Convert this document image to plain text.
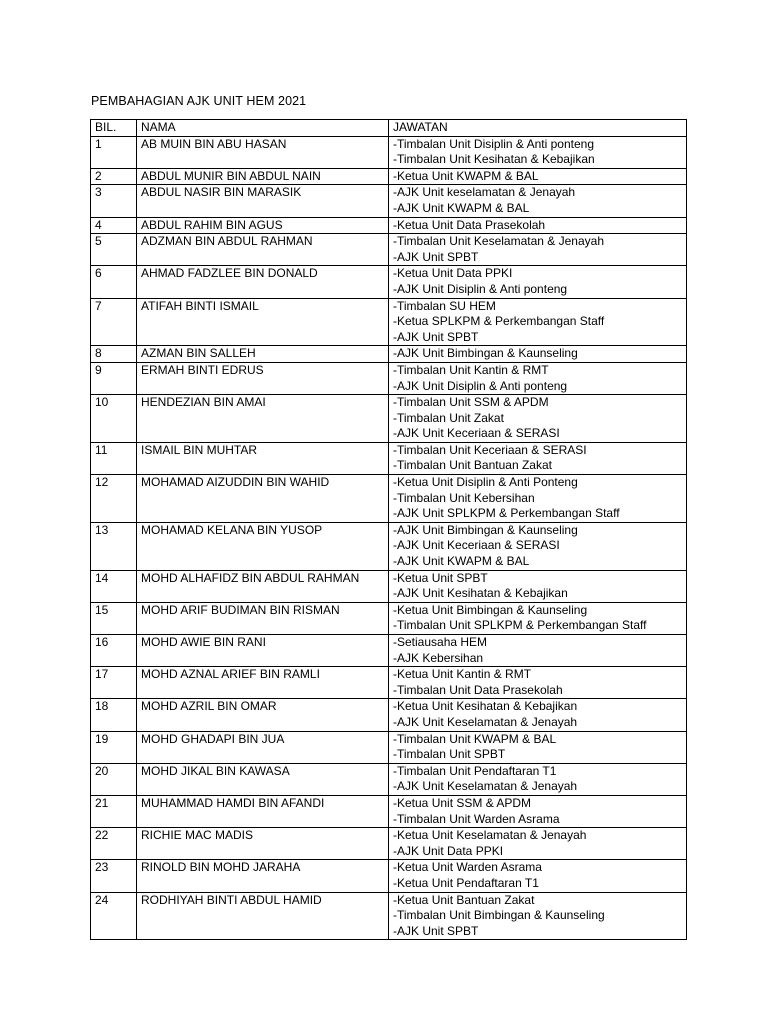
PEMBAHAGIAN AJK UNIT HEM 2021
BIL.	NAMA	JAWATAN
1	AB MUIN BIN ABU HASAN	-Timbalan Unit Disiplin & Anti ponteng
-Timbalan Unit Kesihatan & Kebajikan

2	ABDUL MUNIR BIN ABDUL NAIN	-Ketua Unit KWAPM & BAL

3	ABDUL NASIR BIN MARASIK	-AJK Unit keselamatan & Jenayah
-AJK Unit KWAPM & BAL

4	ABDUL RAHIM BIN AGUS	-Ketua Unit Data Prasekolah

5	ADZMAN BIN ABDUL RAHMAN	-Timbalan Unit Keselamatan & Jenayah
-AJK Unit SPBT

6	AHMAD FADZLEE BIN DONALD	-Ketua Unit Data PPKI
-AJK Unit Disiplin & Anti ponteng

7	ATIFAH BINTI ISMAIL	-Timbalan SU HEM
-Ketua SPLKPM & Perkembangan Staff
-AJK Unit SPBT

8	AZMAN BIN SALLEH	-AJK Unit Bimbingan & Kaunseling

9	ERMAH BINTI EDRUS	-Timbalan Unit Kantin & RMT
-AJK Unit Disiplin & Anti ponteng

10	HENDEZIAN BIN AMAI	-Timbalan Unit SSM & APDM
-Timbalan Unit Zakat
-AJK Unit Keceriaan & SERASI

11	ISMAIL BIN MUHTAR	-Timbalan Unit Keceriaan & SERASI
-Timbalan Unit Bantuan Zakat

12	MOHAMAD AIZUDDIN BIN WAHID	-Ketua Unit Disiplin & Anti Ponteng
-Timbalan Unit Kebersihan
-AJK Unit SPLKPM & Perkembangan Staff

13	MOHAMAD KELANA BIN YUSOP	-AJK Unit Bimbingan & Kaunseling
-AJK Unit Keceriaan & SERASI
-AJK Unit KWAPM & BAL

14	MOHD ALHAFIDZ BIN ABDUL RAHMAN	-Ketua Unit SPBT
-AJK Unit Kesihatan & Kebajikan

15	MOHD ARIF BUDIMAN BIN RISMAN	-Ketua Unit Bimbingan & Kaunseling
-Timbalan Unit SPLKPM & Perkembangan Staff

16	MOHD AWIE BIN RANI	-Setiausaha HEM
-AJK Kebersihan

17	MOHD AZNAL ARIEF BIN RAMLI	-Ketua Unit Kantin & RMT
-Timbalan Unit Data Prasekolah

18	MOHD AZRIL BIN OMAR	-Ketua Unit Kesihatan & Kebajikan
-AJK Unit Keselamatan & Jenayah

19	MOHD GHADAPI BIN JUA	-Timbalan Unit KWAPM & BAL
-Timbalan Unit SPBT

20	MOHD JIKAL BIN KAWASA	-Timbalan Unit Pendaftaran T1
-AJK Unit Keselamatan & Jenayah

21	MUHAMMAD HAMDI BIN AFANDI	-Ketua Unit SSM & APDM
-Timbalan Unit Warden Asrama

22	RICHIE MAC MADIS	-Ketua Unit Keselamatan & Jenayah
-AJK Unit Data PPKI

23	RINOLD BIN MOHD JARAHA	-Ketua Unit Warden Asrama
-Ketua Unit Pendaftaran T1

24	RODHIYAH BINTI ABDUL HAMID	-Ketua Unit Bantuan Zakat
-Timbalan Unit Bimbingan & Kaunseling
-AJK Unit SPBT
